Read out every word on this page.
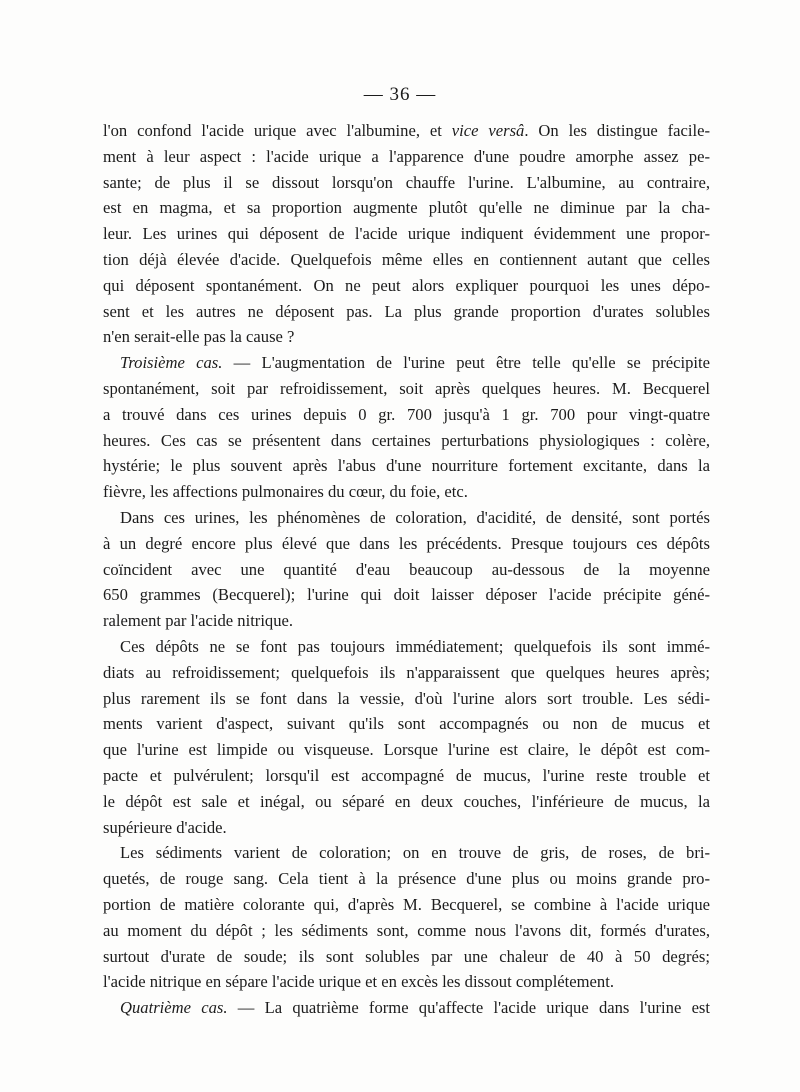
— 36 —
l'on confond l'acide urique avec l'albumine, et vice versâ. On les distingue facile-
ment à leur aspect : l'acide urique a l'apparence d'une poudre amorphe assez pe-
sante; de plus il se dissout lorsqu'on chauffe l'urine. L'albumine, au contraire,
est en magma, et sa proportion augmente plutôt qu'elle ne diminue par la cha-
leur. Les urines qui déposent de l'acide urique indiquent évidemment une propor-
tion déjà élevée d'acide. Quelquefois même elles en contiennent autant que celles
qui déposent spontanément. On ne peut alors expliquer pourquoi les unes dépo-
sent et les autres ne déposent pas. La plus grande proportion d'urates solubles
n'en serait-elle pas la cause ?
Troisième cas. — L'augmentation de l'urine peut être telle qu'elle se précipite
spontanément, soit par refroidissement, soit après quelques heures. M. Becquerel
a trouvé dans ces urines depuis 0 gr. 700 jusqu'à 1 gr. 700 pour vingt-quatre
heures. Ces cas se présentent dans certaines perturbations physiologiques : colère,
hystérie; le plus souvent après l'abus d'une nourriture fortement excitante, dans la
fièvre, les affections pulmonaires du cœur, du foie, etc.
Dans ces urines, les phénomènes de coloration, d'acidité, de densité, sont portés
à un degré encore plus élevé que dans les précédents. Presque toujours ces dépôts
coïncident avec une quantité d'eau beaucoup au-dessous de la moyenne
650 grammes (Becquerel); l'urine qui doit laisser déposer l'acide précipite géné-
ralement par l'acide nitrique.
Ces dépôts ne se font pas toujours immédiatement; quelquefois ils sont immé-
diats au refroidissement; quelquefois ils n'apparaissent que quelques heures après;
plus rarement ils se font dans la vessie, d'où l'urine alors sort trouble. Les sédi-
ments varient d'aspect, suivant qu'ils sont accompagnés ou non de mucus et
que l'urine est limpide ou visqueuse. Lorsque l'urine est claire, le dépôt est com-
pacte et pulvérulent; lorsqu'il est accompagné de mucus, l'urine reste trouble et
le dépôt est sale et inégal, ou séparé en deux couches, l'inférieure de mucus, la
supérieure d'acide.
Les sédiments varient de coloration; on en trouve de gris, de roses, de bri-
quetés, de rouge sang. Cela tient à la présence d'une plus ou moins grande pro-
portion de matière colorante qui, d'après M. Becquerel, se combine à l'acide urique
au moment du dépôt ; les sédiments sont, comme nous l'avons dit, formés d'urates,
surtout d'urate de soude; ils sont solubles par une chaleur de 40 à 50 degrés;
l'acide nitrique en sépare l'acide urique et en excès les dissout complétement.
Quatrième cas. — La quatrième forme qu'affecte l'acide urique dans l'urine est
